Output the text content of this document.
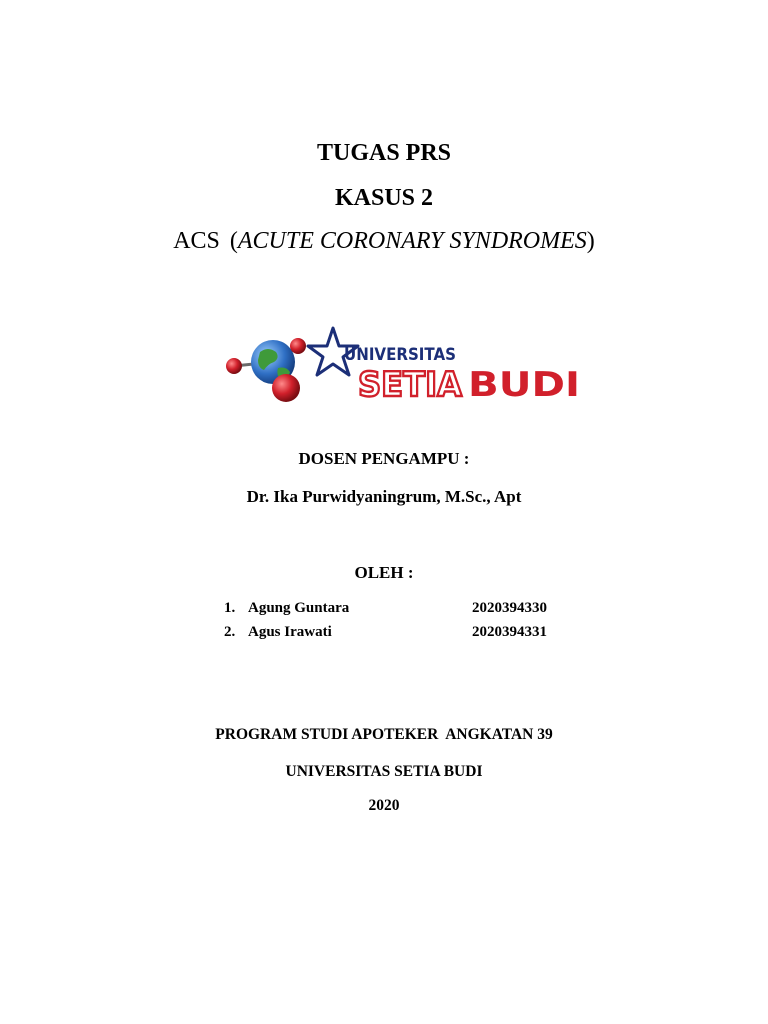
TUGAS PRS
KASUS 2
ACS (ACUTE CORONARY SYNDROMES)
UNIVERSITAS
SETIA BUDI
DOSEN PENGAMPU :
Dr. Ika Purwidyaningrum, M.Sc., Apt
OLEH :
1. Agung Guntara	2020394330
2. Agus Irawati	2020394331
PROGRAM STUDI APOTEKER  ANGKATAN 39
UNIVERSITAS SETIA BUDI
2020
